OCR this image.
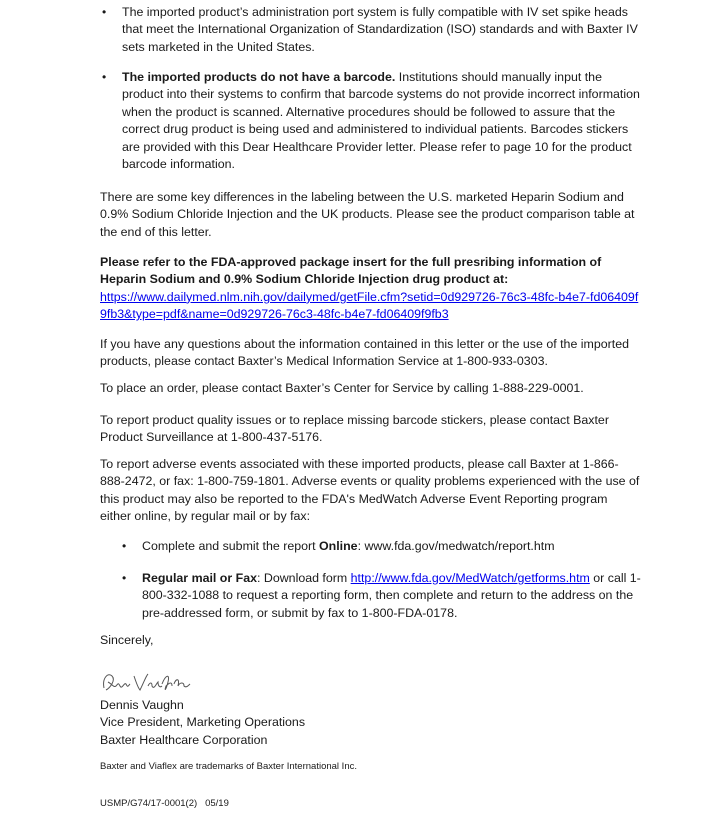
• The imported product’s administration port system is fully compatible with IV set spike heads that meet the International Organization of Standardization (ISO) standards and with Baxter IV sets marketed in the United States.
• The imported products do not have a barcode. Institutions should manually input the product into their systems to confirm that barcode systems do not provide incorrect information when the product is scanned. Alternative procedures should be followed to assure that the correct drug product is being used and administered to individual patients. Barcodes stickers are provided with this Dear Healthcare Provider letter. Please refer to page 10 for the product barcode information.

There are some key differences in the labeling between the U.S. marketed Heparin Sodium and 0.9% Sodium Chloride Injection and the UK products. Please see the product comparison table at the end of this letter.

Please refer to the FDA-approved package insert for the full presribing information of Heparin Sodium and 0.9% Sodium Chloride Injection drug product at:
https://www.dailymed.nlm.nih.gov/dailymed/getFile.cfm?setid=0d929726-76c3-48fc-b4e7-fd06409f9fb3&type=pdf&name=0d929726-76c3-48fc-b4e7-fd06409f9fb3

If you have any questions about the information contained in this letter or the use of the imported products, please contact Baxter’s Medical Information Service at 1-800-933-0303.

To place an order, please contact Baxter’s Center for Service by calling 1-888-229-0001.

To report product quality issues or to replace missing barcode stickers, please contact Baxter Product Surveillance at 1-800-437-5176.

To report adverse events associated with these imported products, please call Baxter at 1-866-888-2472, or fax: 1-800-759-1801. Adverse events or quality problems experienced with the use of this product may also be reported to the FDA's MedWatch Adverse Event Reporting program either online, by regular mail or by fax:

• Complete and submit the report Online: www.fda.gov/medwatch/report.htm
• Regular mail or Fax: Download form http://www.fda.gov/MedWatch/getforms.htm or call 1-800-332-1088 to request a reporting form, then complete and return to the address on the pre-addressed form, or submit by fax to 1-800-FDA-0178.

Sincerely,

Dennis Vaughn
Vice President, Marketing Operations
Baxter Healthcare Corporation

Baxter and Viaflex are trademarks of Baxter International Inc.

USMP/G74/17-0001(2)   05/19
